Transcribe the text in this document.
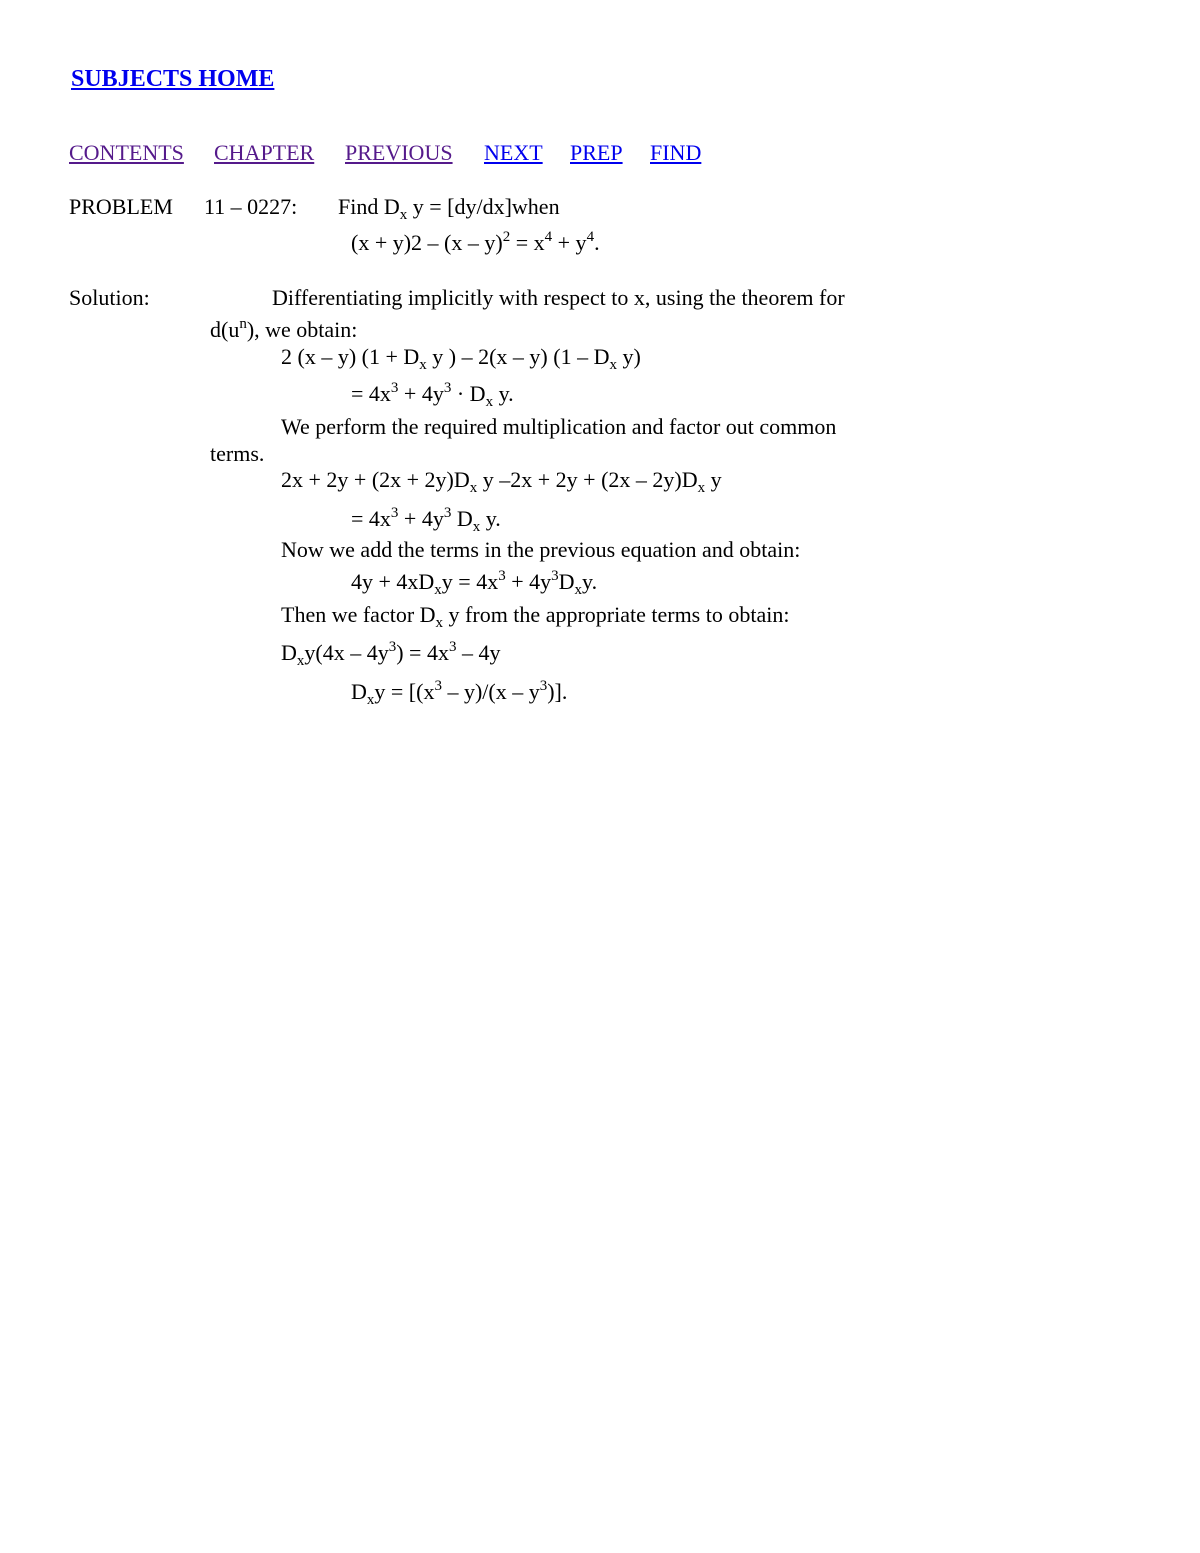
SUBJECTS HOME
CONTENTS CHAPTER PREVIOUS NEXT PREP FIND
PROBLEM 11 – 0227: Find $D_x$ y = [dy/dx]when
$(x + y)2 - (x - y)^2 = x^4 + y^4$.
Solution:	Differentiating implicitly with respect to x, using the theorem for
$d(u^n)$, we obtain:
2 (x – y) ($1 + D_x$ y ) – 2(x – y) ($1 - D_x$ y)
= $4x^3 + 4y^3 \cdot D_x$ y.
We perform the required multiplication and factor out common
terms.
$2x + 2y + (2x + 2y)D_x$ y $-2x + 2y + (2x - 2y)D_x$ y
= $4x^3 + 4y^3$ $D_x$ y.
Now we add the terms in the previous equation and obtain:
$4y + 4xD_xy = 4x^3 + 4y^3D_xy$.
Then we factor $D_x$ y from the appropriate terms to obtain:
$D_xy(4x - 4y^3) = 4x^3 - 4y$
$D_xy = [(x^3 - y)/(x - y^3)]$.
